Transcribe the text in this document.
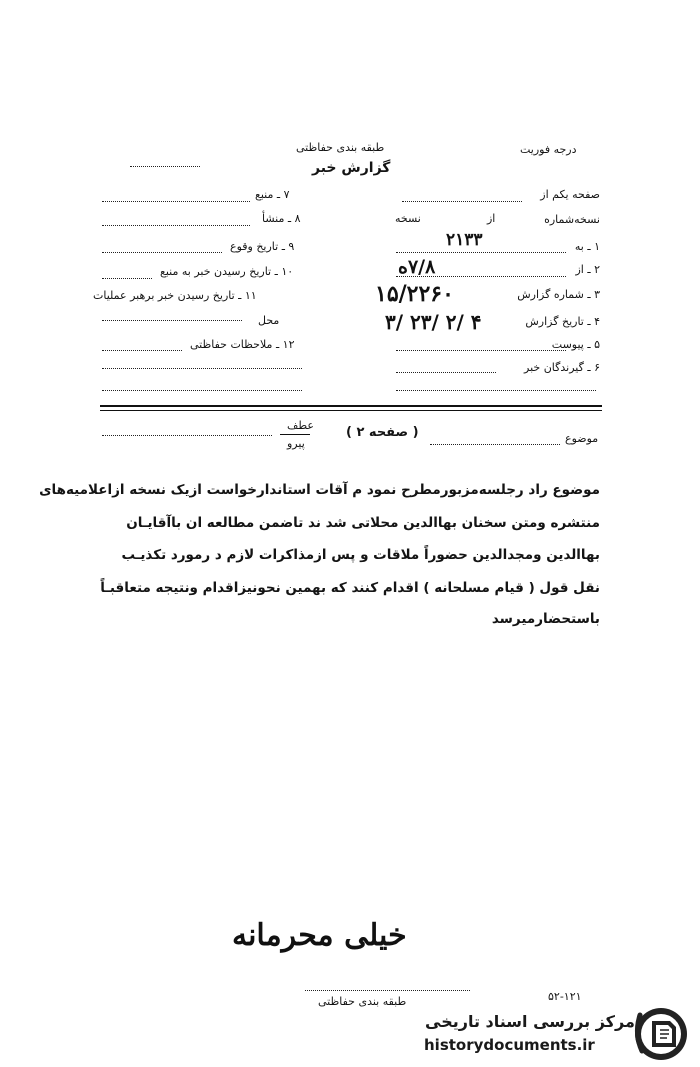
درجه فوریت
طبقه بندی حفاظتی
گزارش خبر
صفحه یکم از
نسخه‌شماره
از
نسخه
۱ ـ به
۲ ـ از
۳ ـ شماره گزارش
۴ ـ تاریخ گزارش
۵ ـ پیوست
۶ ـ گیرندگان خبر
۷ ـ منبع
۸ ـ منشأ
۹ ـ تاریخ وقوع
۱۰ ـ تاریخ رسیدن خبر به منبع
۱۱ ـ تاریخ رسیدن خبر برهبر عملیات
محل
۱۲ ـ ملاحظات حفاظتی
۲۱۳۳
۷/۸ه
۱۵/۲۲۶۰
۳/ ۲۳/ ۲/ ۴
موضوع
( صفحه ۲ )
عطف
پیرو
موضوع راد رجلسه‌مزبورمطرح نمود م آقات استاندارخواست ازیک نسخه ازاعلامیه‌های
منتشره ومتن سخنان بهاالدین محلاتی شد ند تاضمن مطالعه ان باآقایـان
بهاالدین ومجدالدین حضوراً ملاقات و پس ازمذاکرات لازم د رمورد تکذیـب
نقل قول ( قیام مسلحانه ) اقدام کنند که بهمین نحونیزاقدام ونتیجه متعاقبـاً
باستحضارمیرسد
خیلی محرمانه
۵۲-۱۲۱
طبقه بندی حفاظتی
مرکز بررسی اسناد تاریخی
historydocuments.ir
